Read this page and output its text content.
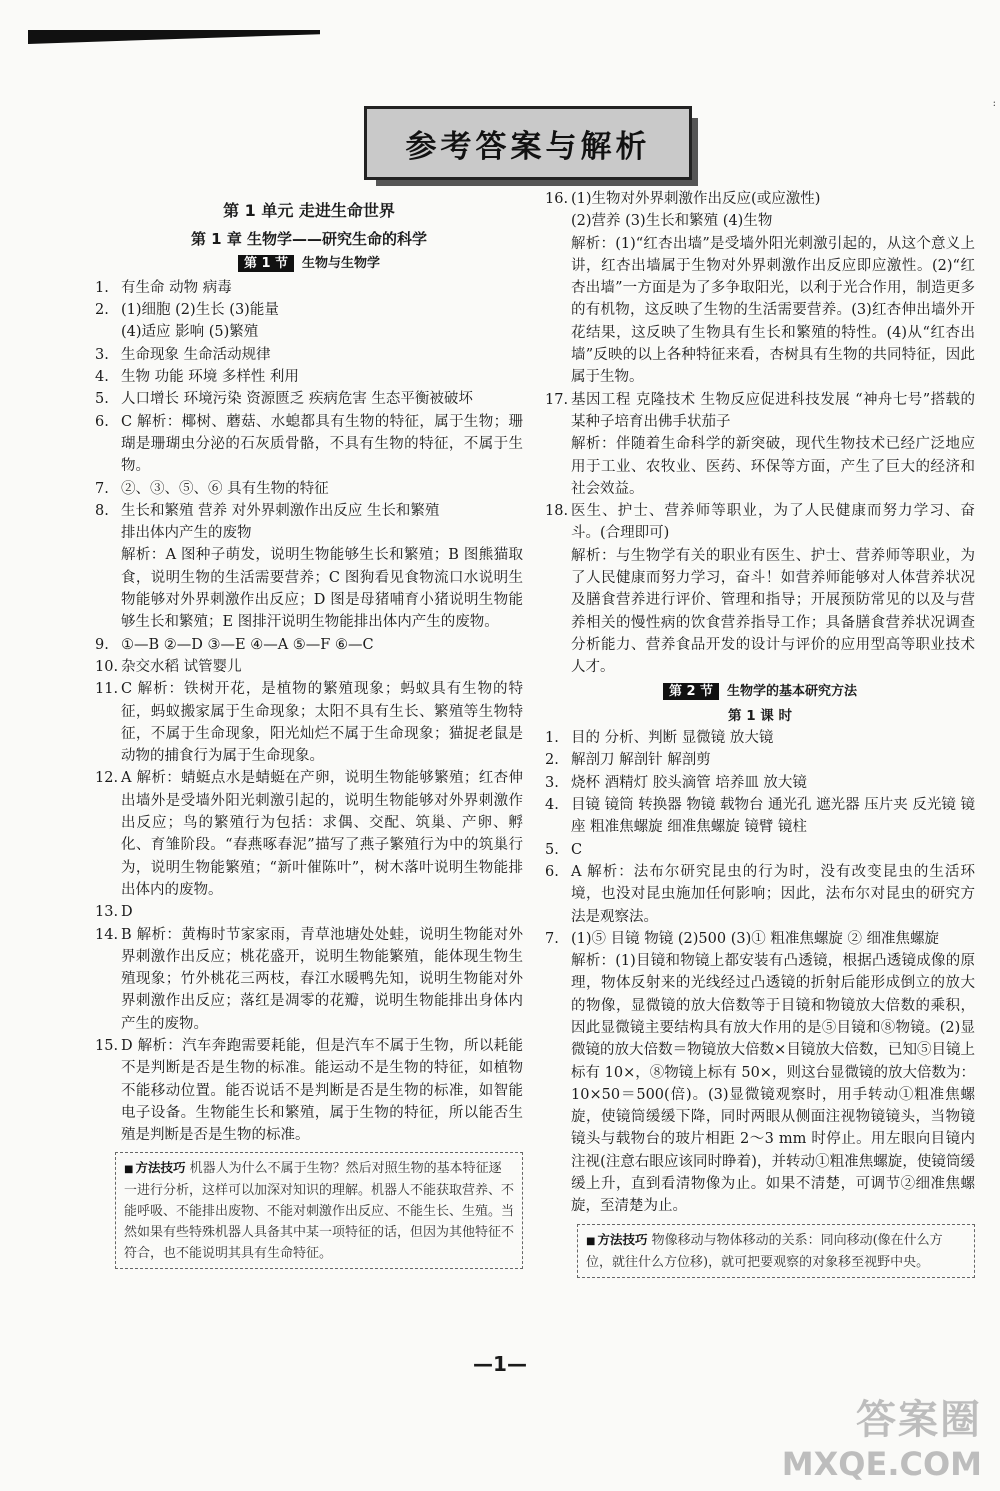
:
参考答案与解析
第 1 单元 走进生命世界
第 1 章 生物学——研究生命的科学
第 1 节 生物与生物学
1. 有生命 动物 病毒
2. (1)细胞 (2)生长 (3)能量
(4)适应 影响 (5)繁殖
3. 生命现象 生命活动规律
4. 生物 功能 环境 多样性 利用
5. 人口增长 环境污染 资源匮乏 疾病危害 生态平衡被破坏
6. C 解析：椰树、蘑菇、水螅都具有生物的特征，属于生物；珊瑚是珊瑚虫分泌的石灰质骨骼，不具有生物的特征，不属于生物。
7. ②、③、⑤、⑥ 具有生物的特征
8. 生长和繁殖 营养 对外界刺激作出反应 生长和繁殖
排出体内产生的废物
解析：A 图种子萌发，说明生物能够生长和繁殖；B 图熊猫取食，说明生物的生活需要营养；C 图狗看见食物流口水说明生物能够对外界刺激作出反应；D 图是母猪哺育小猪说明生物能够生长和繁殖；E 图排汗说明生物能排出体内产生的废物。
9. ①—B ②—D ③—E ④—A ⑤—F ⑥—C
10. 杂交水稻 试管婴儿
11. C 解析：铁树开花，是植物的繁殖现象；蚂蚁具有生物的特征，蚂蚁搬家属于生命现象；太阳不具有生长、繁殖等生物特征，不属于生命现象，阳光灿烂不属于生命现象；猫捉老鼠是动物的捕食行为属于生命现象。
12. A 解析：蜻蜓点水是蜻蜓在产卵，说明生物能够繁殖；红杏伸出墙外是受墙外阳光刺激引起的，说明生物能够对外界刺激作出反应；鸟的繁殖行为包括：求偶、交配、筑巢、产卵、孵化、育雏阶段。“春燕啄春泥”描写了燕子繁殖行为中的筑巢行为，说明生物能繁殖；“新叶催陈叶”，树木落叶说明生物能排出体内的废物。
13. D
14. B 解析：黄梅时节家家雨，青草池塘处处蛙，说明生物能对外界刺激作出反应；桃花盛开，说明生物能繁殖，能体现生物生殖现象；竹外桃花三两枝，春江水暖鸭先知，说明生物能对外界刺激作出反应；落红是凋零的花瓣，说明生物能排出身体内产生的废物。
15. D 解析：汽车奔跑需要耗能，但是汽车不属于生物，所以耗能不是判断是否是生物的标准。能运动不是生物的特征，如植物不能移动位置。能否说话不是判断是否是生物的标准，如智能电子设备。生物能生长和繁殖，属于生物的特征，所以能否生殖是判断是否是生物的标准。
■ 方法技巧 机器人为什么不属于生物？然后对照生物的基本特征逐一进行分析，这样可以加深对知识的理解。机器人不能获取营养、不能呼吸、不能排出废物、不能对刺激作出反应、不能生长、生殖。当然如果有些特殊机器人具备其中某一项特征的话，但因为其他特征不符合，也不能说明其具有生命特征。
16. (1)生物对外界刺激作出反应(或应激性)
(2)营养 (3)生长和繁殖 (4)生物
解析：(1)“红杏出墙”是受墙外阳光刺激引起的，从这个意义上讲，红杏出墙属于生物对外界刺激作出反应即应激性。(2)“红杏出墙”一方面是为了多争取阳光，以利于光合作用，制造更多的有机物，这反映了生物的生活需要营养。(3)红杏伸出墙外开花结果，这反映了生物具有生长和繁殖的特性。(4)从“红杏出墙”反映的以上各种特征来看，杏树具有生物的共同特征，因此属于生物。
17. 基因工程 克隆技术 生物反应促进科技发展 “神舟七号”搭载的某种子培育出佛手状茄子
解析：伴随着生命科学的新突破，现代生物技术已经广泛地应用于工业、农牧业、医药、环保等方面，产生了巨大的经济和社会效益。
18. 医生、护士、营养师等职业，为了人民健康而努力学习、奋斗。(合理即可)
解析：与生物学有关的职业有医生、护士、营养师等职业，为了人民健康而努力学习，奋斗！如营养师能够对人体营养状况及膳食营养进行评价、管理和指导；开展预防常见的以及与营养相关的慢性病的饮食营养指导工作；具备膳食营养状况调查分析能力、营养食品开发的设计与评价的应用型高等职业技术人才。
第 2 节 生物学的基本研究方法
第 1 课 时
1. 目的 分析、判断 显微镜 放大镜
2. 解剖刀 解剖针 解剖剪
3. 烧杯 酒精灯 胶头滴管 培养皿 放大镜
4. 目镜 镜筒 转换器 物镜 载物台 通光孔 遮光器 压片夹 反光镜 镜座 粗准焦螺旋 细准焦螺旋 镜臂 镜柱
5. C
6. A 解析：法布尔研究昆虫的行为时，没有改变昆虫的生活环境，也没对昆虫施加任何影响；因此，法布尔对昆虫的研究方法是观察法。
7. (1)⑤ 目镜 物镜 (2)500 (3)① 粗准焦螺旋 ② 细准焦螺旋
解析：(1)目镜和物镜上都安装有凸透镜，根据凸透镜成像的原理，物体反射来的光线经过凸透镜的折射后能形成倒立的放大的物像，显微镜的放大倍数等于目镜和物镜放大倍数的乘积，因此显微镜主要结构具有放大作用的是⑤目镜和⑧物镜。(2)显微镜的放大倍数＝物镜放大倍数×目镜放大倍数，已知⑤目镜上标有 10×，⑧物镜上标有 50×，则这台显微镜的放大倍数为：10×50＝500(倍)。(3)显微镜观察时，用手转动①粗准焦螺旋，使镜筒缓缓下降，同时两眼从侧面注视物镜镜头，当物镜镜头与载物台的玻片相距 2～3 mm 时停止。用左眼向目镜内注视(注意右眼应该同时睁着)，并转动①粗准焦螺旋，使镜筒缓缓上升，直到看清物像为止。如果不清楚，可调节②细准焦螺旋，至清楚为止。
■ 方法技巧 物像移动与物体移动的关系：同向移动(像在什么方位，就往什么方位移)，就可把要观察的对象移至视野中央。
—1—
答案圈
MXQE.COM
